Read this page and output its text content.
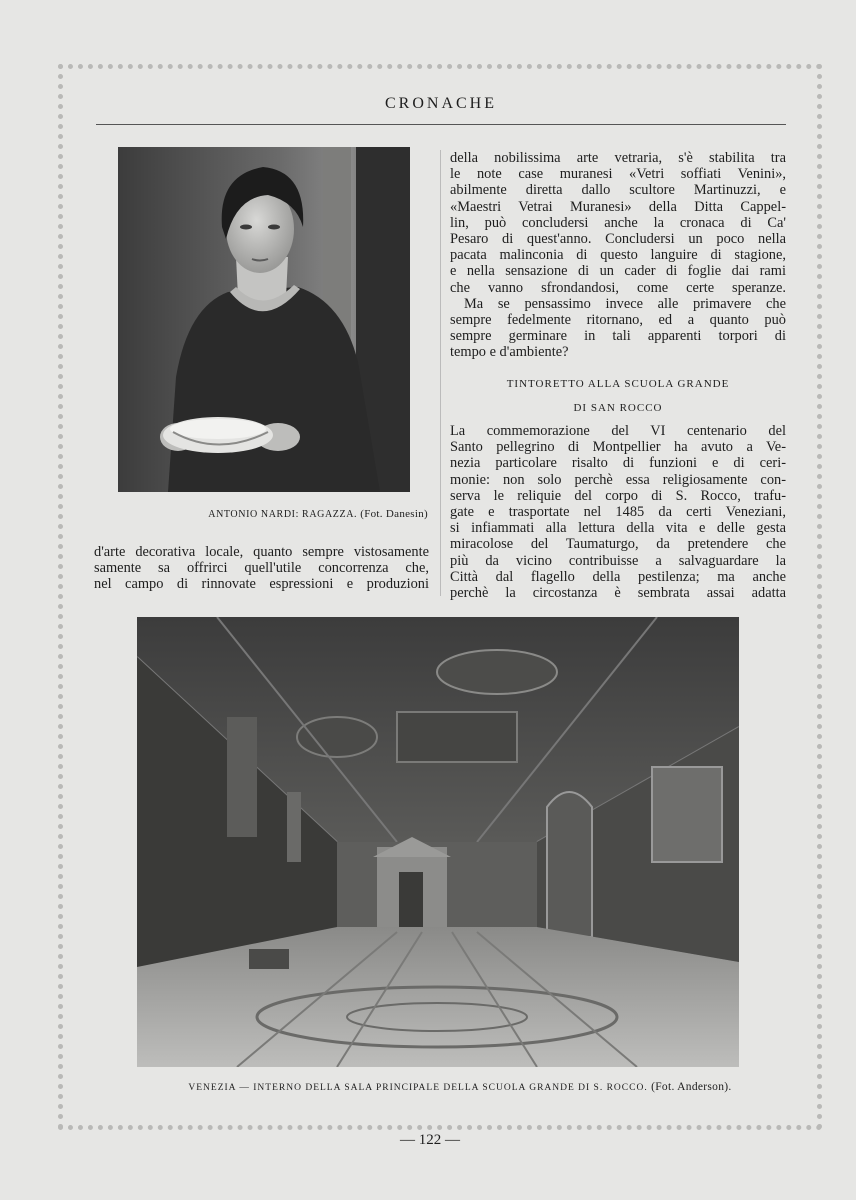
CRONACHE
ANTONIO NARDI: RAGAZZA. (Fot. Danesin)
d'arte decorativa locale, quanto sempre vistosamente
samente sa offrirci quell'utile concorrenza che,
nel campo di rinnovate espressioni e produzioni
della nobilissima arte vetraria, s'è stabilita tra
le note case muranesi «Vetri soffiati Venini»,
abilmente diretta dallo scultore Martinuzzi, e
«Maestri Vetrai Muranesi» della Ditta Cappel-
lin, può concludersi anche la cronaca di Ca'
Pesaro di quest'anno. Concludersi un poco nella
pacata malinconia di questo languire di stagione,
e nella sensazione di un cader di foglie dai rami
che vanno sfrondandosi, come certe speranze.
Ma se pensassimo invece alle primavere che
sempre fedelmente ritornano, ed a quanto può
sempre germinare in tali apparenti torpori di
tempo e d'ambiente?
TINTORETTO ALLA SCUOLA GRANDE
DI SAN ROCCO
La commemorazione del VI centenario del
Santo pellegrino di Montpellier ha avuto a Ve-
nezia particolare risalto di funzioni e di ceri-
monie: non solo perchè essa religiosamente con-
serva le reliquie del corpo di S. Rocco, trafu-
gate e trasportate nel 1485 da certi Veneziani,
si infiammati alla lettura della vita e delle gesta
miracolose del Taumaturgo, da pretendere che
più da vicino contribuisse a salvaguardare la
Città dal flagello della pestilenza; ma anche
perchè la circostanza è sembrata assai adatta
VENEZIA — INTERNO DELLA SALA PRINCIPALE DELLA SCUOLA GRANDE DI S. ROCCO. (Fot. Anderson).
— 122 —
